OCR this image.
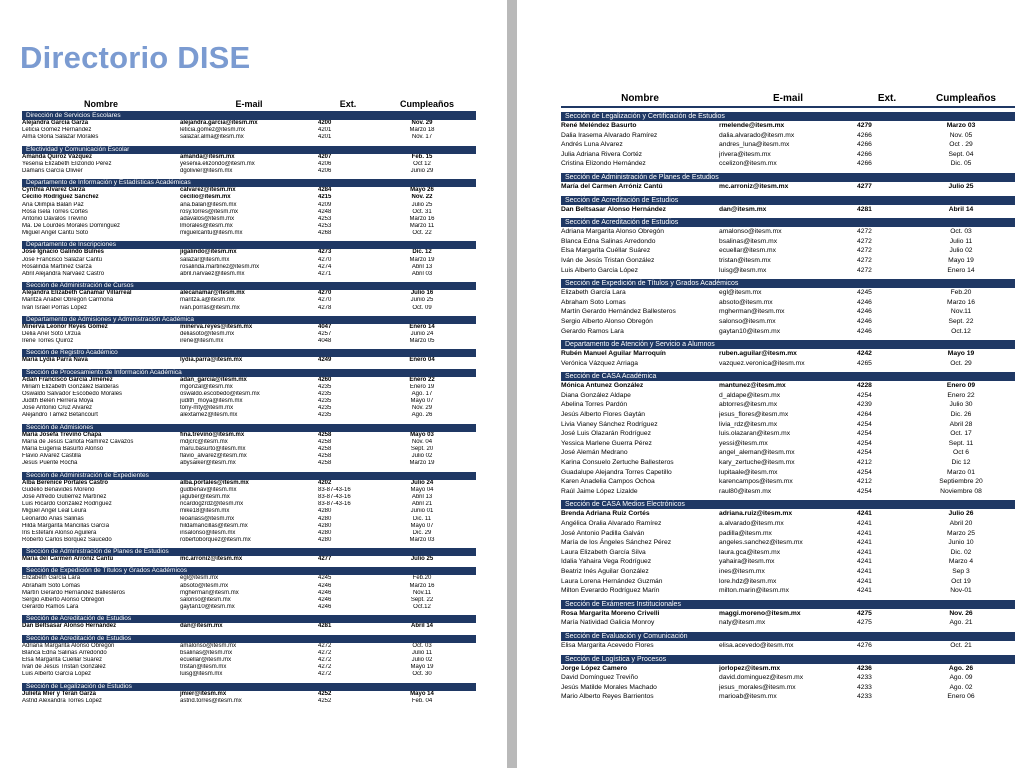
Directorio DISE
Nombre	E-mail	Ext.	Cumpleaños
Dirección de Servicios Escolares
Alejandra García Garza	alejandra.garcia@itesm.mx	4200	Nov. 29
Leticia Gómez Hernández	leticia.gomez@itesm.mx	4201	Marzo 18
Alma Gloria Salazar Morales	salazar.alma@itesm.mx	4201	Nov. 17
Efectividad y Comunicación Escolar
Amanda Quiroz Vázquez	amanda@itesm.mx	4207	Feb. 15
Yesenia Elizabeth Elizondo Pérez	yesenia.elizondo@itesm.mx	4206	Oct 12
Dámaris García Olivier	dgolivier@itesm.mx	4206	Junio 29
Departamento de Información y Estadísticas Académicas
Cynthia Alvarez Garza	calvarez@itesm.mx	4284	Mayo 26
Cecilio Rodríguez Sánchez	cecilio@itesm.mx	4215	Nov. 22
Ana Olimpia Balán Paz	ana.balan@itesm.mx	4209	Julio 25
Rosa Isela Torres Cortés	rosy.torres@itesm.mx	4248	Oct. 31
Antonio Dávalos Treviño	adavalos@itesm.mx	4253	Marzo 16
Ma. De Lourdes Morales Domínguez	lmorales@itesm.mx	4253	Marzo 11
Miguel Angel Cantú Soto	miguelcantu@itesm.mx	4268	Oct. 22
Departamento de Inscripciones
José Ignacio Galindo Bulnes	jigalindo@itesm.mx	4273	Dic. 12
José Francisco Salazar Cantú	salazar@itesm.mx	4270	Marzo 19
Rosalinda Martínez Garza	rosalinda.martinez@itesm.mx	4274	Abril 13
Abril Alejandra Narváez Castro	abril.narvaez@itesm.mx	4271	Abril 03
Sección de Administración de Cursos
Alejandra Elizabeth Cañamar Villarreal	alecanamar@itesm.mx	4270	Julio 16
Maritza Anabel Obregón Carmona	maritza.a@itesm.mx	4270	Junio 25
Iván Israel Porras López	ivan.porras@itesm.mx	4278	Oct. 09
Departamento de Admisiones y Administración Académica
Minerva Leonor Reyes Gómez	minerva.reyes@itesm.mx	4047	Enero 14
Delia Anel Soto Urzúa	deliasoto@itesm.mx	4257	Junio 24
Irene Torres Quiroz	irene@itesm.mx	4048	Marzo 05
Sección de Registro Académico
María Lydia Parra Nava	lydia.parra@itesm.mx	4249	Enero 04
Sección de Procesamiento de Información Académica
Adán Francisco García Jiménez	adan_garcia@itesm.mx	4260	Enero 22
Miriam Elizabeth González Balderas	mgonzal@itesm.mx	4235	Enero 19
Oswaldo Salvador Escobedo Morales	oswaldo.escobedo@itesm.mx	4235	Ago. 17
Judith Belén Herrera Moya	judith_moya@itesm.mx	4235	Mayo 07
José Antonio Cruz Alvarez	tony-mty@itesm.mx	4235	Nov. 29
Alejandro Támez Betancourt	alextamez@itesm.mx	4235	Ago. 26
Sección de Admisiones
María Josefa Treviño Chapa	fina.trevino@itesm.mx	4258	Mayo 03
María de Jesús Carlota Ramírez Cavazos	mdjcrc@itesm.mx	4258	Nov. 04
María Eugenia Basurto Alonso	maru.basurto@itesm.mx	4258	Sept. 20
Flavio Álvarez Castilla	flavio_alvarez@itesm.mx	4258	Julio 02
Jesús Puente Rocha	abysaiker@itesm.mx	4258	Marzo 19
Sección de Administración de Expedientes
Alba Berenice Portales Castro	alba.portales@itesm.mx	4202	Julio 24
Gudelio Benavides Moreno	gudbenav@itesm.mx	83-87-43-16	Mayo 04
José Alfredo Gutiérrez Martínez	jagutier@itesm.mx	83-87-43-16	Abril 13
Luis Ricardo González Rodríguez	ricardogzrdz@itesm.mx	83-87-43-16	Abril 21
Miguel Angel Leal Leura	mike18@itesm.mx	4280	Junio 01
Leonardo Arias Salinas	leoariass@itesm.mx	4280	Dic. 11
Hilda Margarita Mancillas García	hildamancillas@itesm.mx	4280	Mayo 07
Iris Estefani Alonso Aguilera	irisalonso@itesm.mx	4280	Dic. 29
Roberto Carlos Bórquez Saucedo	robertoborquez@itesm.mx	4280	Marzo 03
Sección de Administración de Planes de Estudios
María del Carmen Arróniz Cantú	mc.arroniz@itesm.mx	4277	Julio 25
Sección de Expedición de Títulos y Grados Académicos
Elizabeth García Lara	egl@itesm.mx	4245	Feb.20
Abraham Soto Lomas	absoto@itesm.mx	4246	Marzo 16
Martín Gerardo Hernández Ballesteros	mgherman@itesm.mx	4246	Nov.11
Sergio Alberto Alonso Obregón	salonso@itesm.mx	4246	Sept. 22
Gerardo Ramos Lara	gaytan10@itesm.mx	4246	Oct.12
Sección de Acreditación de Estudios
Dan Beltsasar Alonso Hernández	dan@itesm.mx	4281	Abril 14
Sección de Acreditación de Estudios
Adriana Margarita Alonso Obregón	amalonso@itesm.mx	4272	Oct. 03
Blanca Edna Salinas Arredondo	bsalinas@itesm.mx	4272	Julio 11
Elsa Margarita Cuéllar Suárez	ecuellar@itesm.mx	4272	Julio 02
Iván de Jesús Tristan González	tristan@itesm.mx	4272	Mayo 19
Luis Alberto García López	luisg@itesm.mx	4272	Oct. 30
Sección de Legalización de Estudios
Julieta Mier y Terán Garza	jmier@itesm.mx	4252	Mayo 14
Astrid Alexandra Torres López	astrid.torres@itesm.mx	4252	Feb. 04
Nombre	E-mail	Ext.	Cumpleaños
Sección de Legalización y Certificación de Estudios
René Meléndez Basurto	rmelende@itesm.mx	4279	Marzo 03
Dalia Irasema Alvarado Ramírez	dalia.alvarado@itesm.mx	4266	Nov. 05
Andrés Luna Alvarez	andres_luna@itesm.mx	4266	Oct . 29
Julia Adriana Rivera Cortéz	jrivera@itesm.mx	4266	Sept. 04
Cristina Elizondo Hernández	ccelizon@itesm.mx	4266	Dic. 05
Sección de Administración de Planes de Estudios
María del Carmen Arróniz Cantú	mc.arroniz@itesm.mx	4277	Julio 25
Sección de Acreditación de Estudios
Dan Beltsasar Alonso Hernández	dan@itesm.mx	4281	Abril 14
Sección de Acreditación de Estudios
Adriana Margarita Alonso Obregón	amalonso@itesm.mx	4272	Oct. 03
Blanca Edna Salinas Arredondo	bsalinas@itesm.mx	4272	Julio 11
Elsa Margarita Cuéllar Suárez	ecuellar@itesm.mx	4272	Julio 02
Iván de Jesús Tristan González	tristan@itesm.mx	4272	Mayo 19
Luis Alberto García López	luisg@itesm.mx	4272	Enero 14
Sección de Expedición de Títulos y Grados Académicos
Elizabeth García Lara	egl@itesm.mx	4245	Feb.20
Abraham Soto Lomas	absoto@itesm.mx	4246	Marzo 16
Martín Gerardo Hernández Ballesteros	mgherman@itesm.mx	4246	Nov.11
Sergio Alberto Alonso Obregón	salonso@itesm.mx	4246	Sept. 22
Gerardo Ramos Lara	gaytan10@itesm.mx	4246	Oct.12
Departamento de Atención y Servicio a Alumnos
Rubén Manuel Aguilar Marroquín	ruben.aguilar@itesm.mx	4242	Mayo 19
Verónica Vázquez Arriaga	vazquez.veronica@itesm.mx	4265	Oct. 29
Sección de CASA Académica
Mónica Antunez González	mantunez@itesm.mx	4228	Enero 09
Diana González Aldape	d_aldape@itesm.mx	4254	Enero 22
Abelina Torres Pardón	abtorres@itesm.mx	4239	Julio 30
Jesús Alberto Flores Gaytán	jesus_flores@itesm.mx	4264	Dic. 26
Livia Vianey Sánchez Rodríguez	livia_rdz@itesm.mx	4254	Abril 28
José Luis Olazarán Rodríguez	luis.olazaran@itesm.mx	4254	Oct. 17
Yessica Marlene Guerra Pérez	yessi@itesm.mx	4254	Sept. 11
José Alemán Medrano	angel_aleman@itesm.mx	4254	Oct 6
Karina Consuelo Zertuche Ballesteros	kary_zertuche@itesm.mx	4212	Dic 12
Guadalupe Alejandra Torres Capetillo	lupitaale@itesm.mx	4254	Marzo 01
Karen Anadelia Campos Ochoa	karencampos@itesm.mx	4212	Septiembre 20
Raúl Jaime López Lizalde	raul80@itesm.mx	4254	Noviembre 08
Sección de CASA Medios Electrónicos
Brenda Adriana Ruiz Cortés	adriana.ruiz@itesm.mx	4241	Julio 26
Angélica Oralia Alvarado Ramírez	a.alvarado@itesm.mx	4241	Abril 20
José Antonio Padilla Galván	padilla@itesm.mx	4241	Marzo 25
María de los Ángeles Sánchez Pérez	angeles.sanchez@itesm.mx	4241	Junio 10
Laura Elizabeth García Silva	laura.gca@itesm.mx	4241	Dic. 02
Idalia Yahaira Vega Rodríguez	yahaira@itesm.mx	4241	Marzo 4
Beatriz Inés Aguilar González	ines@itesm.mx	4241	Sep 3
Laura Lorena Hernández Guzmán	lore.hdz@itesm.mx	4241	Oct 19
Milton Everardo Rodríguez Marín	milton.marin@itesm.mx	4241	Nov-01
Sección de Exámenes Institucionales
Rosa Margarita Moreno Crivelli	maggi.moreno@itesm.mx	4275	Nov. 26
María Natividad Galicia Monroy	naty@itesm.mx	4275	Ago. 21
Sección de Evaluación y Comunicación
Elisa Margarita Acevedo Flores	elisa.acevedo@itesm.mx	4276	Oct. 21
Sección de Logística y Procesos
Jorge López Camero	jorlopez@itesm.mx	4236	Ago. 26
David Domínguez Treviño	david.dominguez@itesm.mx	4233	Ago. 09
Jesús Matilde Morales Machado	jesus_morales@itesm.mx	4233	Ago. 02
Mario Alberto Reyes Barrientos	marioab@itesm.mx	4233	Enero 06
